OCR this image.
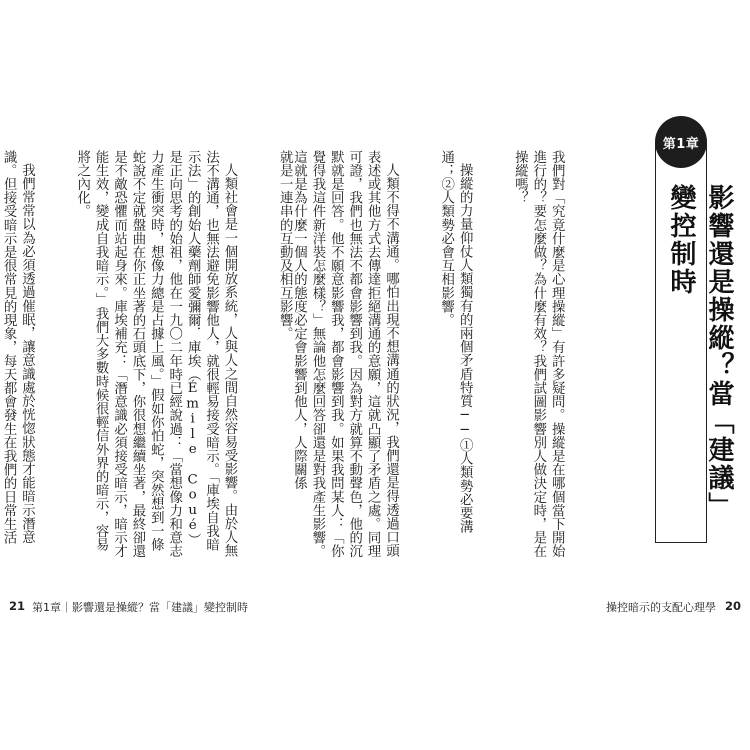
第1章
影響還是操縱？當「建議」變控制時

我們對「究竟什麼是心理操縱」有許多疑問。操縱是在哪個當下開始進行的？要怎麼做？為什麼有效？我們試圖影響別人做決定時，是在操縱嗎？

操縱的力量仰仗人類獨有的兩個矛盾特質──①人類勢必要溝通；②人類勢必會互相影響。

人類不得不溝通。哪怕出現不想溝通的狀況，我們還是得透過口頭表述或其他方式去傳達拒絕溝通的意願，這就凸顯了矛盾之處。同理可證，我們也無法不都會影響到我。因為對方就算不動聲色，他的沉默就是回答。他不願意影響我，都會影響到我。如果我問某人：「你覺得我這件新洋裝怎麼樣？」無論他怎麼回答卻還是對我產生影響。這就是為什麼一個人的態度必定會影響到他人，人際關係

就是一連串的互動及相互影響。

人類社會是一個開放系統，人與人之間自然容易受影響。由於人無法不溝通，也無法避免影響他人，就很輕易接受暗示。「庫埃自我暗示法」的創始人藥劑師愛彌爾．庫埃（Émile Coué）是正向思考的始祖，他在一九〇二年時已經說過：「當想像力和意志力產生衝突時，想像力總是占據上風。」假如你怕蛇，突然想到一條蛇說不定就盤曲在你正坐著的石頭底下，你很想繼續坐著，最終卻還是不敵恐懼而站起身來。庫埃補充：「潛意識必須接受暗示，暗示才能生效，變成自我暗示。」我們大多數時候很輕信外界的暗示，容易將之內化。

我們常常以為必須透過催眠，讓意識處於恍惚狀態才能暗示潛意識。但接受暗示是很常見的現象，每天都會發生在我們的日常生活

21 第1章｜影響還是操縱？當「建議」變控制時	操控暗示的支配心理學 20
